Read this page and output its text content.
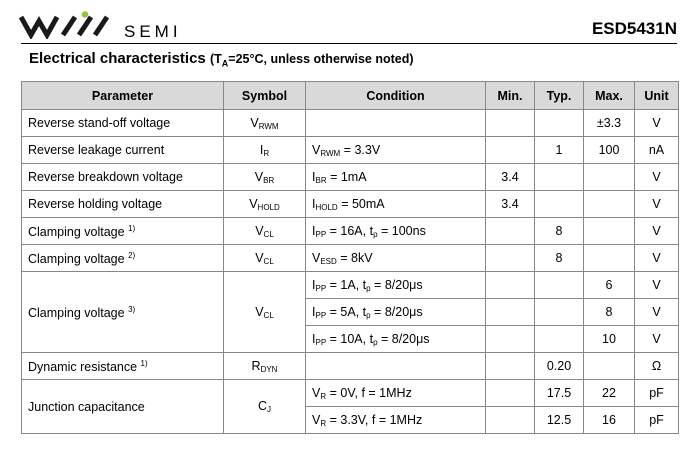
SEMI	ESD5431N
Electrical characteristics ($T_A=25^\circ C$, unless otherwise noted)
Parameter	Symbol	Condition	Min.	Typ.	Max.	Unit
Reverse stand-off voltage	$V_{RWM}$				±3.3	V
Reverse leakage current	$I_R$	$V_{RWM} = 3.3V$		1	100	nA
Reverse breakdown voltage	$V_{BR}$	$I_{BR} = 1mA$	3.4			V
Reverse holding voltage	$V_{HOLD}$	$I_{HOLD} = 50mA$	3.4			V
Clamping voltage $^{1)}$	$V_{CL}$	$I_{PP} = 16A$, $t_p = 100ns$		8		V
Clamping voltage $^{2)}$	$V_{CL}$	$V_{ESD} = 8kV$		8		V
Clamping voltage $^{3)}$	$V_{CL}$	$I_{PP} = 1A$, $t_p = 8/20\mu s$			6	V
		$I_{PP} = 5A$, $t_p = 8/20\mu s$			8	V
		$I_{PP} = 10A$, $t_p = 8/20\mu s$			10	V
Dynamic resistance $^{1)}$	$R_{DYN}$			0.20		Ω
Junction capacitance	$C_J$	$V_R = 0V$, f = 1MHz		17.5	22	pF
		$V_R = 3.3V$, f = 1MHz		12.5	16	pF
